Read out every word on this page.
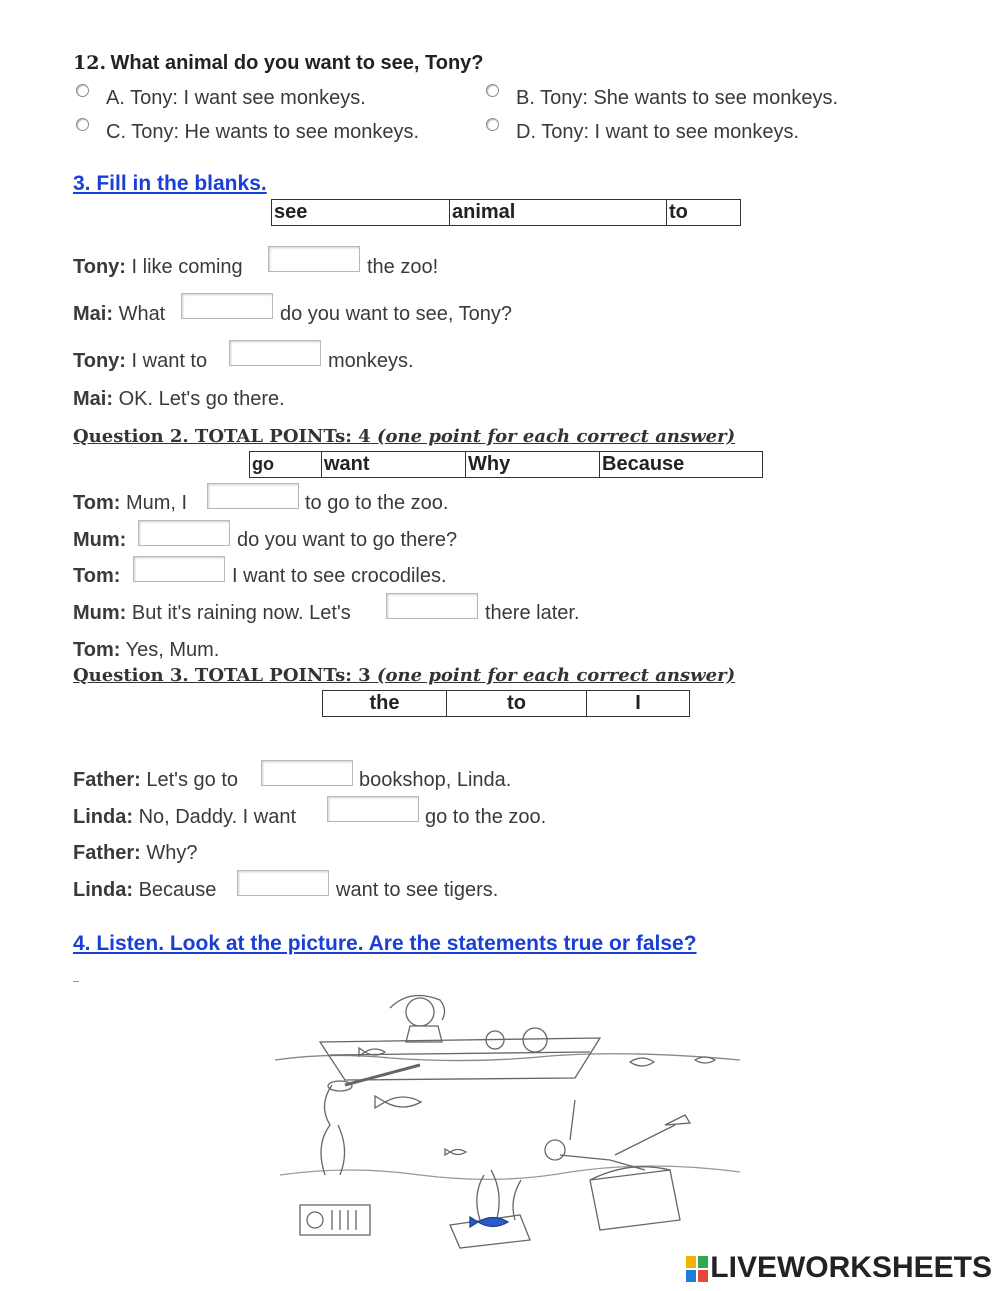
12. What animal do you want to see, Tony?
A. Tony: I want see monkeys.	B. Tony: She wants to see monkeys.
C. Tony: He wants to see monkeys.	D. Tony: I want to see monkeys.
3. Fill in the blanks.
see	animal	to
Tony: I like coming	the zoo!
Mai: What	do you want to see, Tony?
Tony: I want to	monkeys.
Mai: OK. Let's go there.
Question 2. TOTAL POINTs: 4 (one point for each correct answer)
go	want	Why	Because
Tom: Mum, I	to go to the zoo.
Mum:	do you want to go there?
Tom:	I want to see crocodiles.
Mum: But it's raining now. Let's	there later.
Tom: Yes, Mum.
Question 3. TOTAL POINTs: 3 (one point for each correct answer)
the	to	I
Father: Let's go to	bookshop, Linda.
Linda: No, Daddy. I want	go to the zoo.
Father: Why?
Linda: Because	want to see tigers.
4. Listen. Look at the picture. Are the statements true or false?
LIVEWORKSHEETS
